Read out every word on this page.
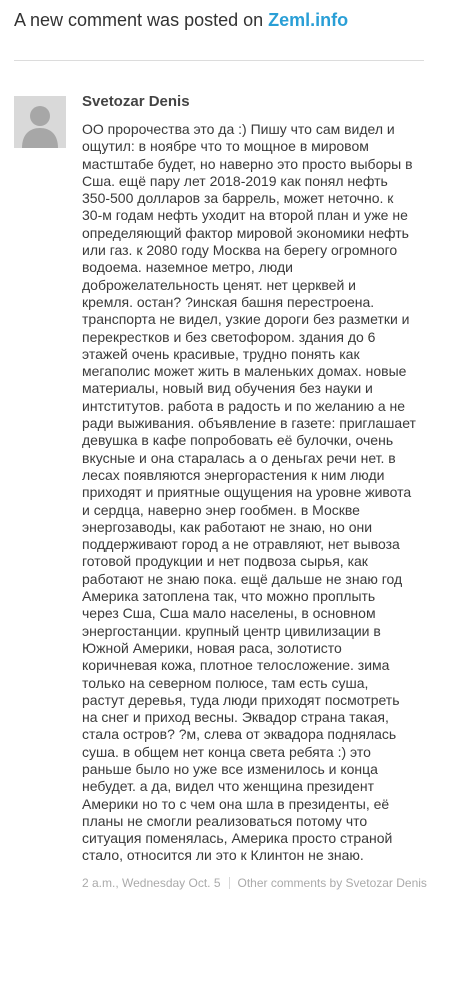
A new comment was posted on Zeml.info
Svetozar Denis
ОО пророчества это да :) Пишу что сам видел и
ощутил: в ноябре что то мощное в мировом
мастштабе будет, но наверно это просто выборы в
Сша. ещё пару лет 2018-2019 как понял нефть
350-500 долларов за баррель, может неточно. к
30-м годам нефть уходит на второй план и уже не
определяющий фактор мировой экономики нефть
или газ. к 2080 году Москва на берегу огромного
водоема. наземное метро, люди
доброжелательность ценят. нет церквей и
кремля. остан? ?инская башня перестроена.
транспорта не видел, узкие дороги без разметки и
перекрестков и без светофором. здания до 6
этажей очень красивые, трудно понять как
мегаполис может жить в маленьких домах. новые
материалы, новый вид обучения без науки и
интститутов. работа в радость и по желанию а не
ради выживания. объявление в газете: приглашает
девушка в кафе попробовать её булочки, очень
вкусные и она старалась а о деньгах речи нет. в
лесах появляются энергорастения к ним люди
приходят и приятные ощущения на уровне живота
и сердца, наверно энер гообмен. в Москве
энергозаводы, как работают не знаю, но они
поддерживают город а не отравляют, нет вывоза
готовой продукции и нет подвоза сырья, как
работают не знаю пока. ещё дальше не знаю год
Америка затоплена так, что можно проплыть
через Сша, Сша мало населены, в основном
энергостанции. крупный центр цивилизации в
Южной Америки, новая раса, золотисто
коричневая кожа, плотное телосложение. зима
только на северном полюсе, там есть суша,
растут деревья, туда люди приходят посмотреть
на снег и приход весны. Эквадор страна такая,
стала остров? ?м, слева от эквадора поднялась
суша. в общем нет конца света ребята :) это
раньше было но уже все изменилось и конца
небудет. а да, видел что женщина президент
Америки но то с чем она шла в президенты, её
планы не смогли реализоваться потому что
ситуация поменялась, Америка просто страной
стало, относится ли это к Клинтон не знаю.
2 a.m., Wednesday Oct. 5 Other comments by Svetozar Denis
